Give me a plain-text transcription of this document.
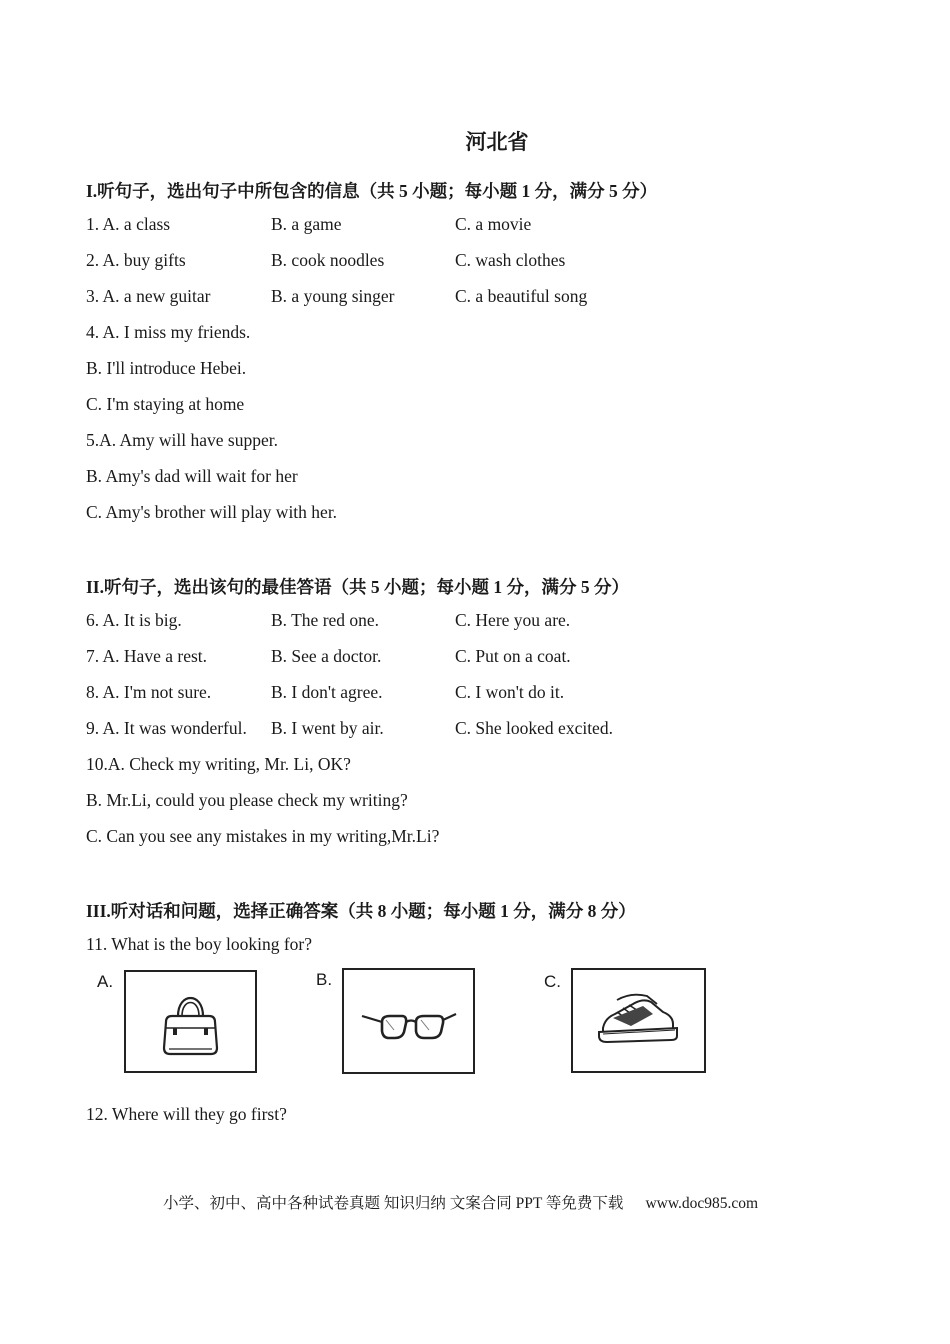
河北省
I.听句子，选出句子中所包含的信息（共 5 小题；每小题 1 分，满分 5 分）
1. A. a class	B. a game	C. a movie
2. A. buy gifts	B. cook noodles	C. wash clothes
3. A. a new guitar	B. a young singer	C. a beautiful song
4. A. I miss my friends.
B. I'll introduce Hebei.
C. I'm staying at home
5.A. Amy will have supper.
B. Amy's dad will wait for her
C. Amy's brother will play with her.
II.听句子，选出该句的最佳答语（共 5 小题；每小题 1 分，满分 5 分）
6. A. It is big.	B. The red one.	C. Here you are.
7. A. Have a rest.	B. See a doctor.	C. Put on a coat.
8. A. I'm not sure.	B. I don't agree.	C. I won't do it.
9. A. It was wonderful. B. I went by air.	C. She looked excited.
10.A. Check my writing, Mr. Li, OK?
B. Mr.Li, could you please check my writing?
C. Can you see any mistakes in my writing,Mr.Li?
III.听对话和问题，选择正确答案（共 8 小题；每小题 1 分，满分 8 分）
11. What is the boy looking for?
A.	B.	C.
12. Where will they go first?
小学、初中、高中各种试卷真题 知识归纳 文案合同 PPT 等免费下载 www.doc985.com
